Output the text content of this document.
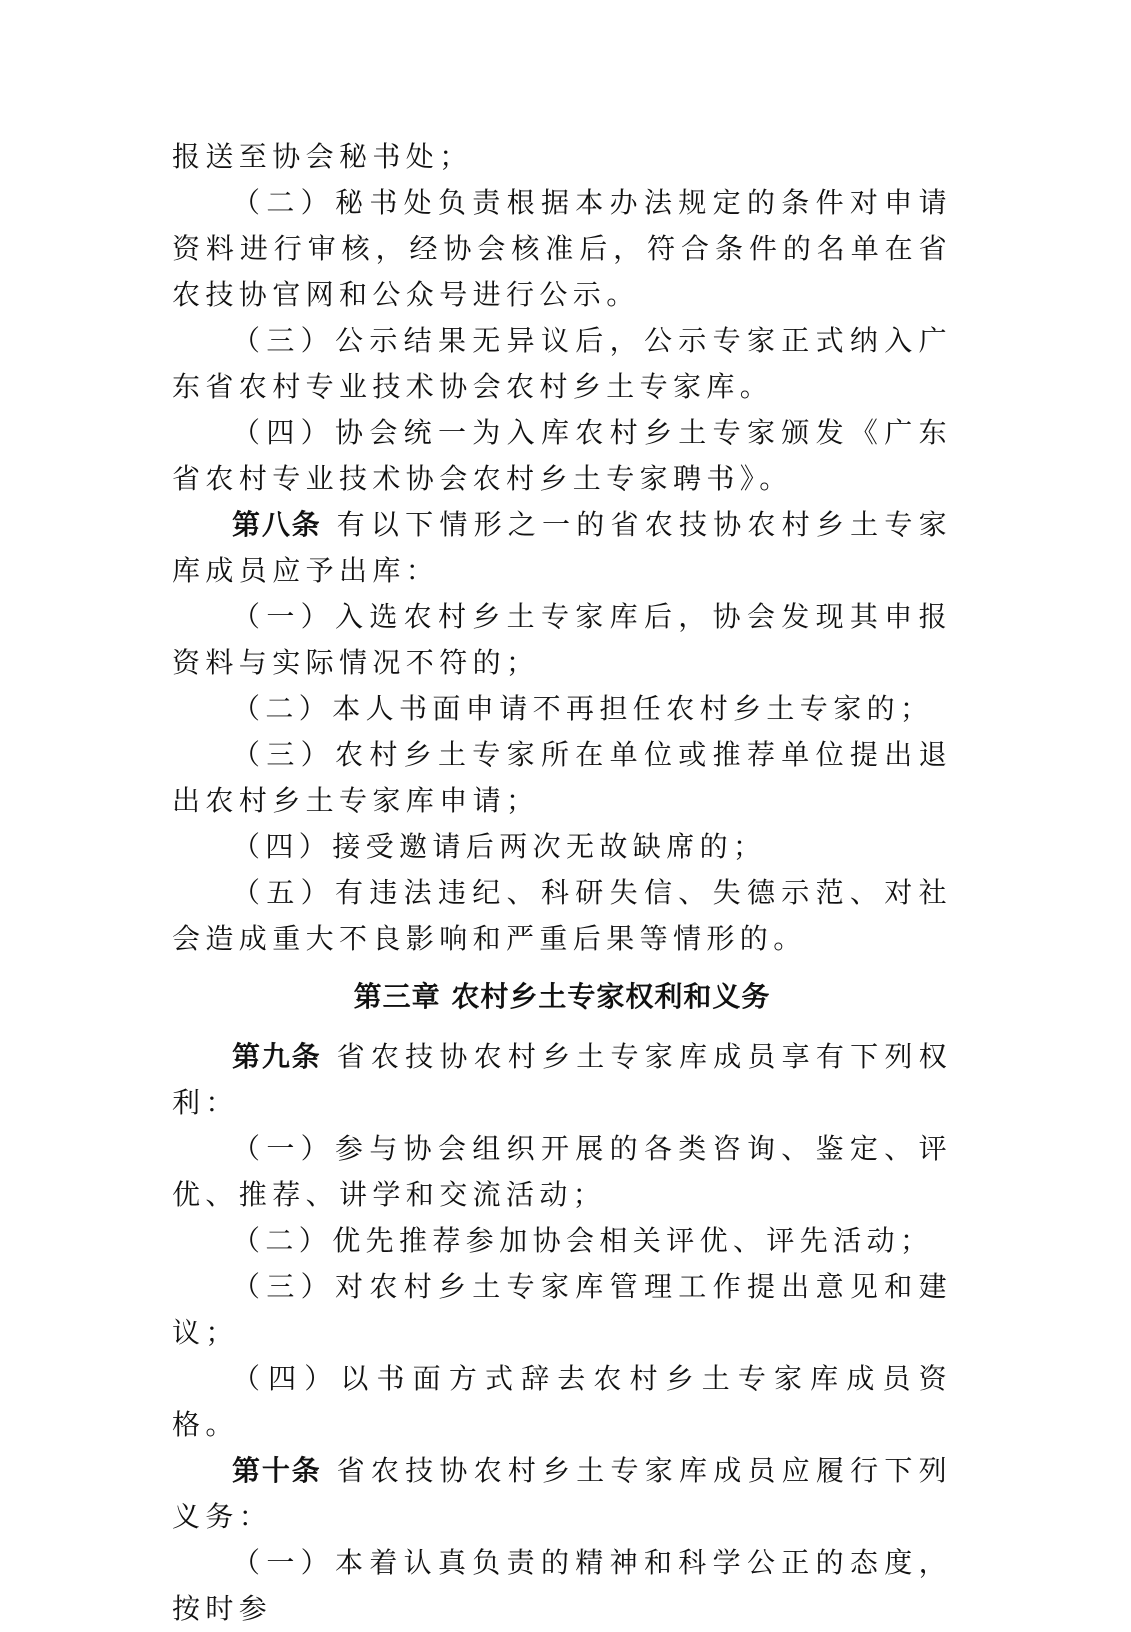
报送至协会秘书处；

（二）秘书处负责根据本办法规定的条件对申请资料进行审核，经协会核准后，符合条件的名单在省农技协官网和公众号进行公示。

（三）公示结果无异议后，公示专家正式纳入广东省农村专业技术协会农村乡土专家库。

（四）协会统一为入库农村乡土专家颁发《广东省农村专业技术协会农村乡土专家聘书》。

第八条 有以下情形之一的省农技协农村乡土专家库成员应予出库：

（一）入选农村乡土专家库后，协会发现其申报资料与实际情况不符的；

（二）本人书面申请不再担任农村乡土专家的；

（三）农村乡土专家所在单位或推荐单位提出退出农村乡土专家库申请；

（四）接受邀请后两次无故缺席的；

（五）有违法违纪、科研失信、失德示范、对社会造成重大不良影响和严重后果等情形的。

第三章 农村乡土专家权利和义务

第九条 省农技协农村乡土专家库成员享有下列权利：

（一）参与协会组织开展的各类咨询、鉴定、评优、推荐、讲学和交流活动；

（二）优先推荐参加协会相关评优、评先活动；

（三）对农村乡土专家库管理工作提出意见和建议；

（四）以书面方式辞去农村乡土专家库成员资格。

第十条 省农技协农村乡土专家库成员应履行下列义务：

（一）本着认真负责的精神和科学公正的态度，按时参
